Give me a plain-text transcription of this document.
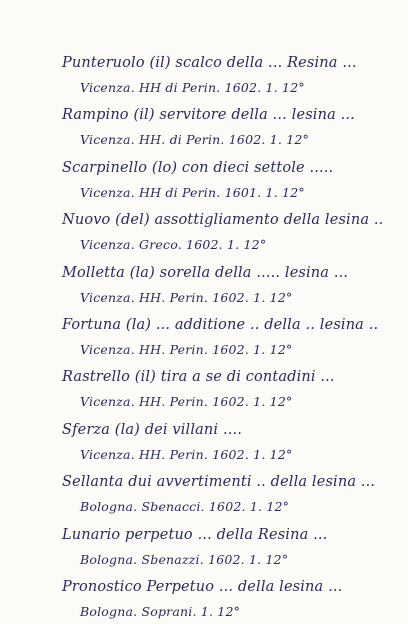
Punteruolo (il) scalco della ... Resina ...
Vicenza. HH di Perin. 1602. 1. 12°
Rampino (il) servitore della ... lesina ...
Vicenza. HH. di Perin. 1602. 1. 12°
Scarpinello (lo) con dieci settole .....
Vicenza. HH di Perin. 1601. 1. 12°
Nuovo (del) assottigliamento della lesina ..
Vicenza. Greco. 1602. 1. 12°
Molletta (la) sorella della ..... lesina ...
Vicenza. HH. Perin. 1602. 1. 12°
Fortuna (la) ... additione .. della .. lesina ..
Vicenza. HH. Perin. 1602. 1. 12°
Rastrello (il) tira a se di contadini ...
Vicenza. HH. Perin. 1602. 1. 12°
Sferza (la) dei villani ....
Vicenza. HH. Perin. 1602. 1. 12°
Sellanta dui avvertimenti .. della lesina ...
Bologna. Sbenacci. 1602. 1. 12°
Lunario perpetuo ... della Resina ...
Bologna. Sbenazzi. 1602. 1. 12°
Pronostico Perpetuo ... della lesina ...
Bologna. Soprani. 1. 12°
